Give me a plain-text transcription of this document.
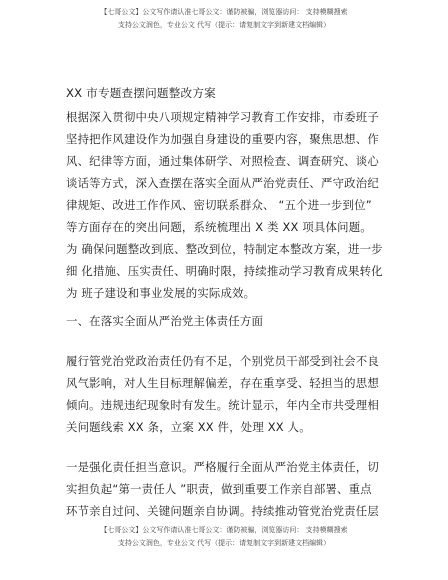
【七哥公文】公文写作请认准七哥公文：谨防被骗，浏览器访问： 支持模糊搜索
支持公文润色，专业公文 代写（提示：请复制文字到新建文档编辑）
XX 市专题查摆问题整改方案

根据深入贯彻中央八项规定精神学习教育工作安排，市委班子坚持把作风建设作为加强自身建设的重要内容，聚焦思想、作风、纪律等方面，通过集体研学、对照检查、调查研究、谈心谈话等方式，深入查摆在落实全面从严治党责任、严守政治纪律规矩、改进工作作风、密切联系群众、 “五个进一步到位” 等方面存在的突出问题，系统梳理出 X 类 XX 项具体问题。 为 确保问题整改到底、整改到位，特制定本整改方案，进一步细 化措施、压实责任、明确时限，持续推动学习教育成果转化为 班子建设和事业发展的实际成效。

一、在落实全面从严治党主体责任方面

履行管党治党政治责任仍有不足，个别党员干部受到社会不良风气影响，对人生目标理解偏差，存在重享受、轻担当的思想倾向。违规违纪现象时有发生。统计显示，年内全市共受理相关问题线索 XX 条，立案 XX 件，处理 XX 人。

一是强化责任担当意识。严格履行全面从严治党主体责任，切实担负起“第一责任人 ”职责，做到重要工作亲自部署、重点 环节亲自过问、关键问题亲自协调。持续推动管党治党责任层

【七哥公文】公文写作请认准七哥公文：谨防被骗，浏览器访问： 支持模糊搜索
支持公文润色，专业公文 代写（提示：请复制文字到新建文档编辑）
